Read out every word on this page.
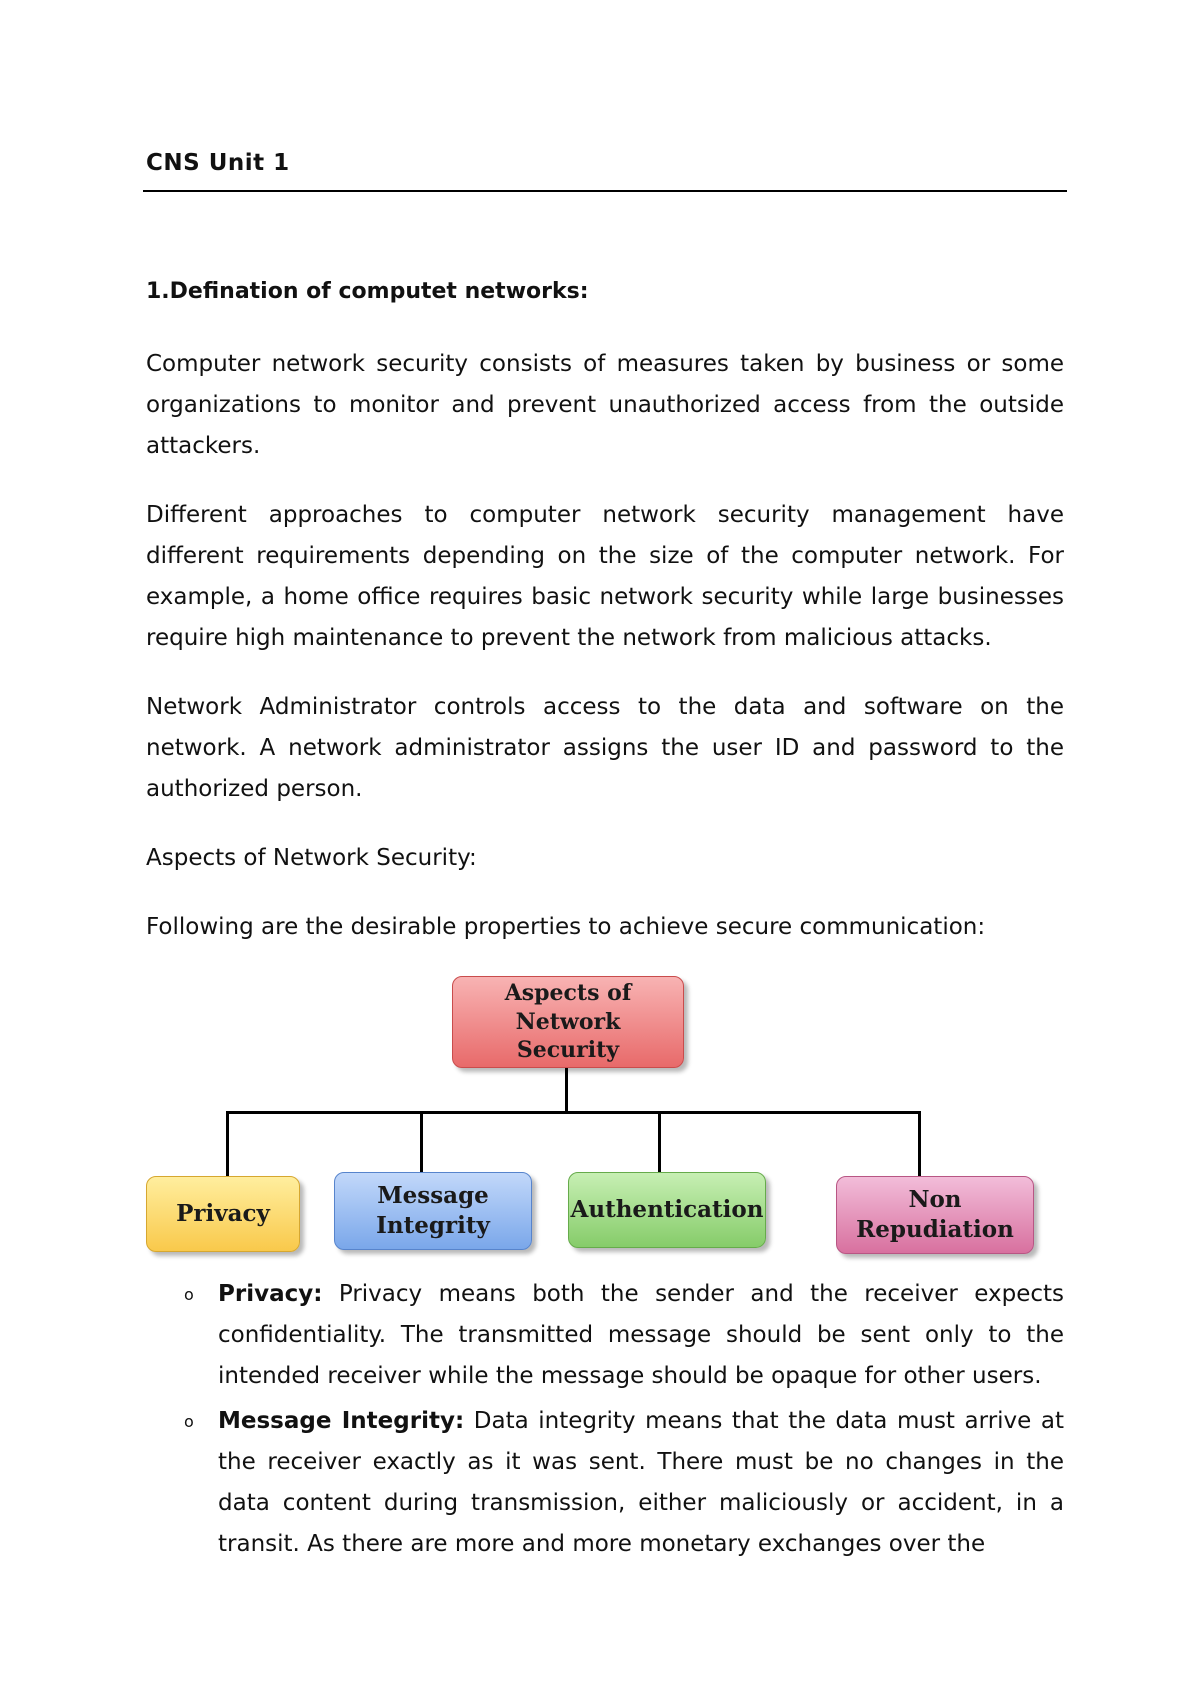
CNS Unit 1
1.Defination of computet networks:

Computer network security consists of measures taken by business or some organizations to monitor and prevent unauthorized access from the outside attackers.

Different approaches to computer network security management have different requirements depending on the size of the computer network. For example, a home office requires basic network security while large businesses require high maintenance to prevent the network from malicious attacks.

Network Administrator controls access to the data and software on the network. A network administrator assigns the user ID and password to the authorized person.

Aspects of Network Security:

Following are the desirable properties to achieve secure communication:

Aspects of Network
Security
Privacy
Message
Integrity
Authentication	Non
Repudiation
o Privacy: Privacy means both the sender and the receiver expects confidentiality. The transmitted message should be sent only to the intended receiver while the message should be opaque for other users.

o Message Integrity: Data integrity means that the data must arrive at the receiver exactly as it was sent. There must be no changes in the data content during transmission, either maliciously or accident, in a transit. As there are more and more monetary exchanges over the
